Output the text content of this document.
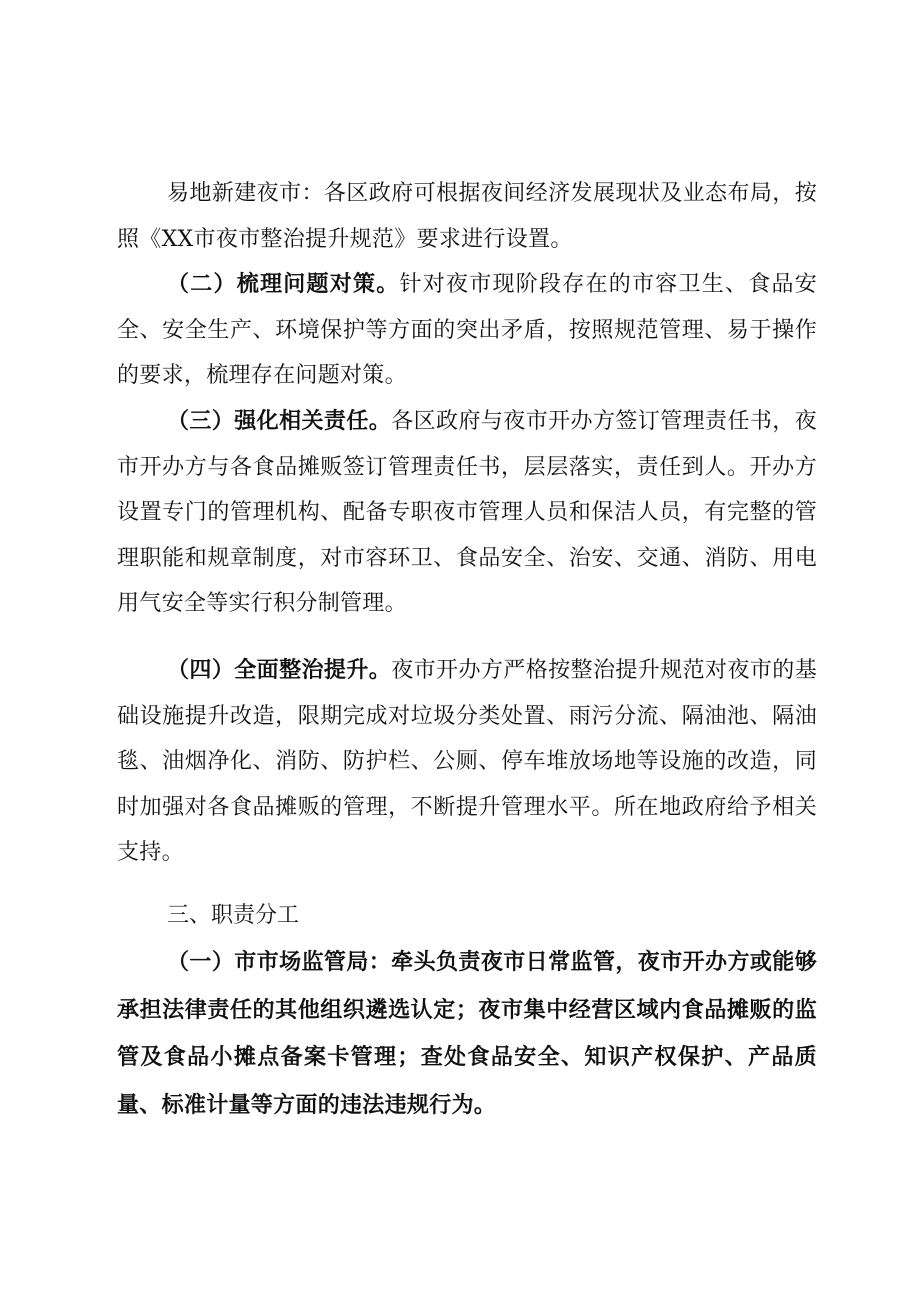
易地新建夜市：各区政府可根据夜间经济发展现状及业态布局，按照《XX市夜市整治提升规范》要求进行设置。
（二）梳理问题对策。针对夜市现阶段存在的市容卫生、食品安全、安全生产、环境保护等方面的突出矛盾，按照规范管理、易于操作的要求，梳理存在问题对策。
（三）强化相关责任。各区政府与夜市开办方签订管理责任书，夜市开办方与各食品摊贩签订管理责任书，层层落实，责任到人。开办方设置专门的管理机构、配备专职夜市管理人员和保洁人员，有完整的管理职能和规章制度，对市容环卫、食品安全、治安、交通、消防、用电用气安全等实行积分制管理。
（四）全面整治提升。夜市开办方严格按整治提升规范对夜市的基础设施提升改造，限期完成对垃圾分类处置、雨污分流、隔油池、隔油毯、油烟净化、消防、防护栏、公厕、停车堆放场地等设施的改造，同时加强对各食品摊贩的管理，不断提升管理水平。所在地政府给予相关支持。
三、职责分工
（一）市市场监管局：牵头负责夜市日常监管，夜市开办方或能够承担法律责任的其他组织遴选认定；夜市集中经营区域内食品摊贩的监管及食品小摊点备案卡管理；查处食品安全、知识产权保护、产品质量、标准计量等方面的违法违规行为。
